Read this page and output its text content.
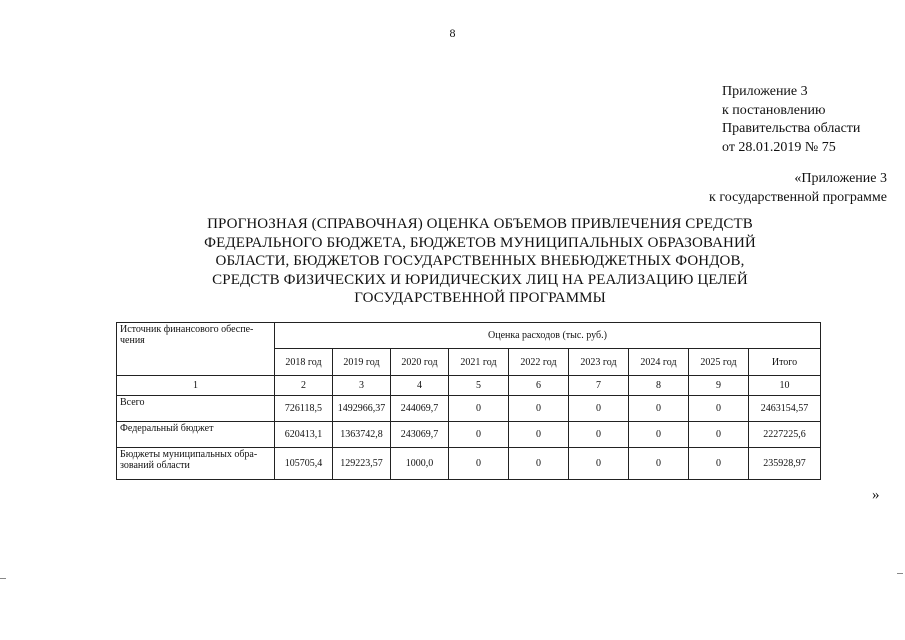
8
Приложение 3
к постановлению
Правительства области
от 28.01.2019 № 75
«Приложение 3
к государственной программе
ПРОГНОЗНАЯ (СПРАВОЧНАЯ) ОЦЕНКА ОБЪЕМОВ ПРИВЛЕЧЕНИЯ СРЕДСТВ
ФЕДЕРАЛЬНОГО БЮДЖЕТА, БЮДЖЕТОВ МУНИЦИПАЛЬНЫХ ОБРАЗОВАНИЙ
ОБЛАСТИ, БЮДЖЕТОВ ГОСУДАРСТВЕННЫХ ВНЕБЮДЖЕТНЫХ ФОНДОВ,
СРЕДСТВ ФИЗИЧЕСКИХ И ЮРИДИЧЕСКИХ ЛИЦ НА РЕАЛИЗАЦИЮ ЦЕЛЕЙ
ГОСУДАРСТВЕННОЙ ПРОГРАММЫ
Источник финансового обеспе-чения	Оценка расходов (тыс. руб.)								
	2018 год	2019 год	2020 год	2021 год	2022 год	2023 год	2024 год	2025 год	Итого
1	2	3	4	5	6	7	8	9	10
Всего	726118,5	1492966,37	244069,7	0	0	0	0	0	2463154,57
Федеральный бюджет	620413,1	1363742,8	243069,7	0	0	0	0	0	2227225,6
Бюджеты муниципальных обра-зований области	105705,4	129223,57	1000,0	0	0	0	0	0	235928,97
»
